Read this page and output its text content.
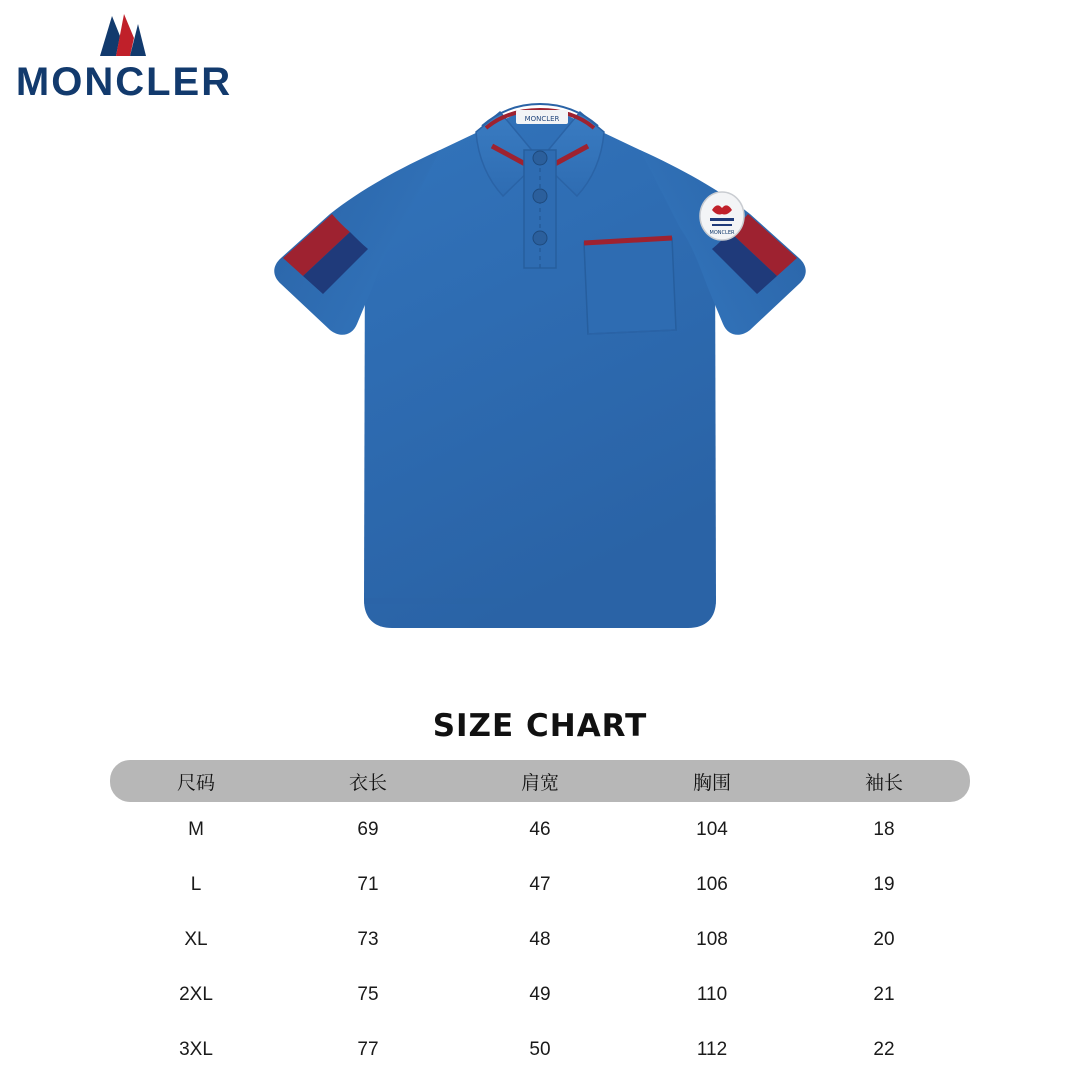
MONCLER
MONCLER
MONCLER
SIZE CHART
尺码	衣长	肩宽	胸围	袖长
M	69	46	104	18
L	71	47	106	19
XL	73	48	108	20
2XL	75	49	110	21
3XL	77	50	112	22
